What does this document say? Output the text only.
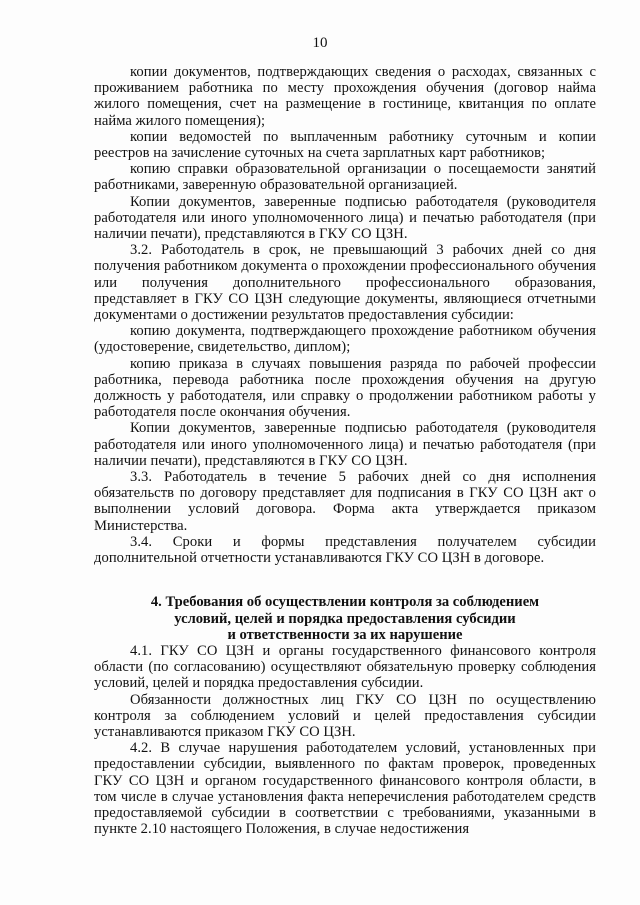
10

копии документов, подтверждающих сведения о расходах, связанных с проживанием работника по месту прохождения обучения (договор найма жилого помещения, счет на размещение в гостинице, квитанция по оплате найма жилого помещения);

копии ведомостей по выплаченным работнику суточным и копии реестров на зачисление суточных на счета зарплатных карт работников;

копию справки образовательной организации о посещаемости занятий работниками, заверенную образовательной организацией.

Копии документов, заверенные подписью работодателя (руководителя работодателя или иного уполномоченного лица) и печатью работодателя (при наличии печати), представляются в ГКУ СО ЦЗН.

3.2. Работодатель в срок, не превышающий 3 рабочих дней со дня получения работником документа о прохождении профессионального обучения или получения дополнительного профессионального образования, представляет в ГКУ СО ЦЗН следующие документы, являющиеся отчетными документами о достижении результатов предоставления субсидии:

копию документа, подтверждающего прохождение работником обучения (удостоверение, свидетельство, диплом);

копию приказа в случаях повышения разряда по рабочей профессии работника, перевода работника после прохождения обучения на другую должность у работодателя, или справку о продолжении работником работы у работодателя после окончания обучения.

Копии документов, заверенные подписью работодателя (руководителя работодателя или иного уполномоченного лица) и печатью работодателя (при наличии печати), представляются в ГКУ СО ЦЗН.

3.3. Работодатель в течение 5 рабочих дней со дня исполнения обязательств по договору представляет для подписания в ГКУ СО ЦЗН акт о выполнении условий договора. Форма акта утверждается приказом Министерства.

3.4. Сроки и формы представления получателем субсидии дополнительной отчетности устанавливаются ГКУ СО ЦЗН в договоре.

4. Требования об осуществлении контроля за соблюдением
условий, целей и порядка предоставления субсидии
и ответственности за их нарушение

4.1. ГКУ СО ЦЗН и органы государственного финансового контроля области (по согласованию) осуществляют обязательную проверку соблюдения условий, целей и порядка предоставления субсидии.

Обязанности должностных лиц ГКУ СО ЦЗН по осуществлению контроля за соблюдением условий и целей предоставления субсидии устанавливаются приказом ГКУ СО ЦЗН.

4.2. В случае нарушения работодателем условий, установленных при предоставлении субсидии, выявленного по фактам проверок, проведенных ГКУ СО ЦЗН и органом государственного финансового контроля области, в том числе в случае установления факта неперечисления работодателем средств предоставляемой субсидии в соответствии с требованиями, указанными в пункте 2.10 настоящего Положения, в случае недостижения
